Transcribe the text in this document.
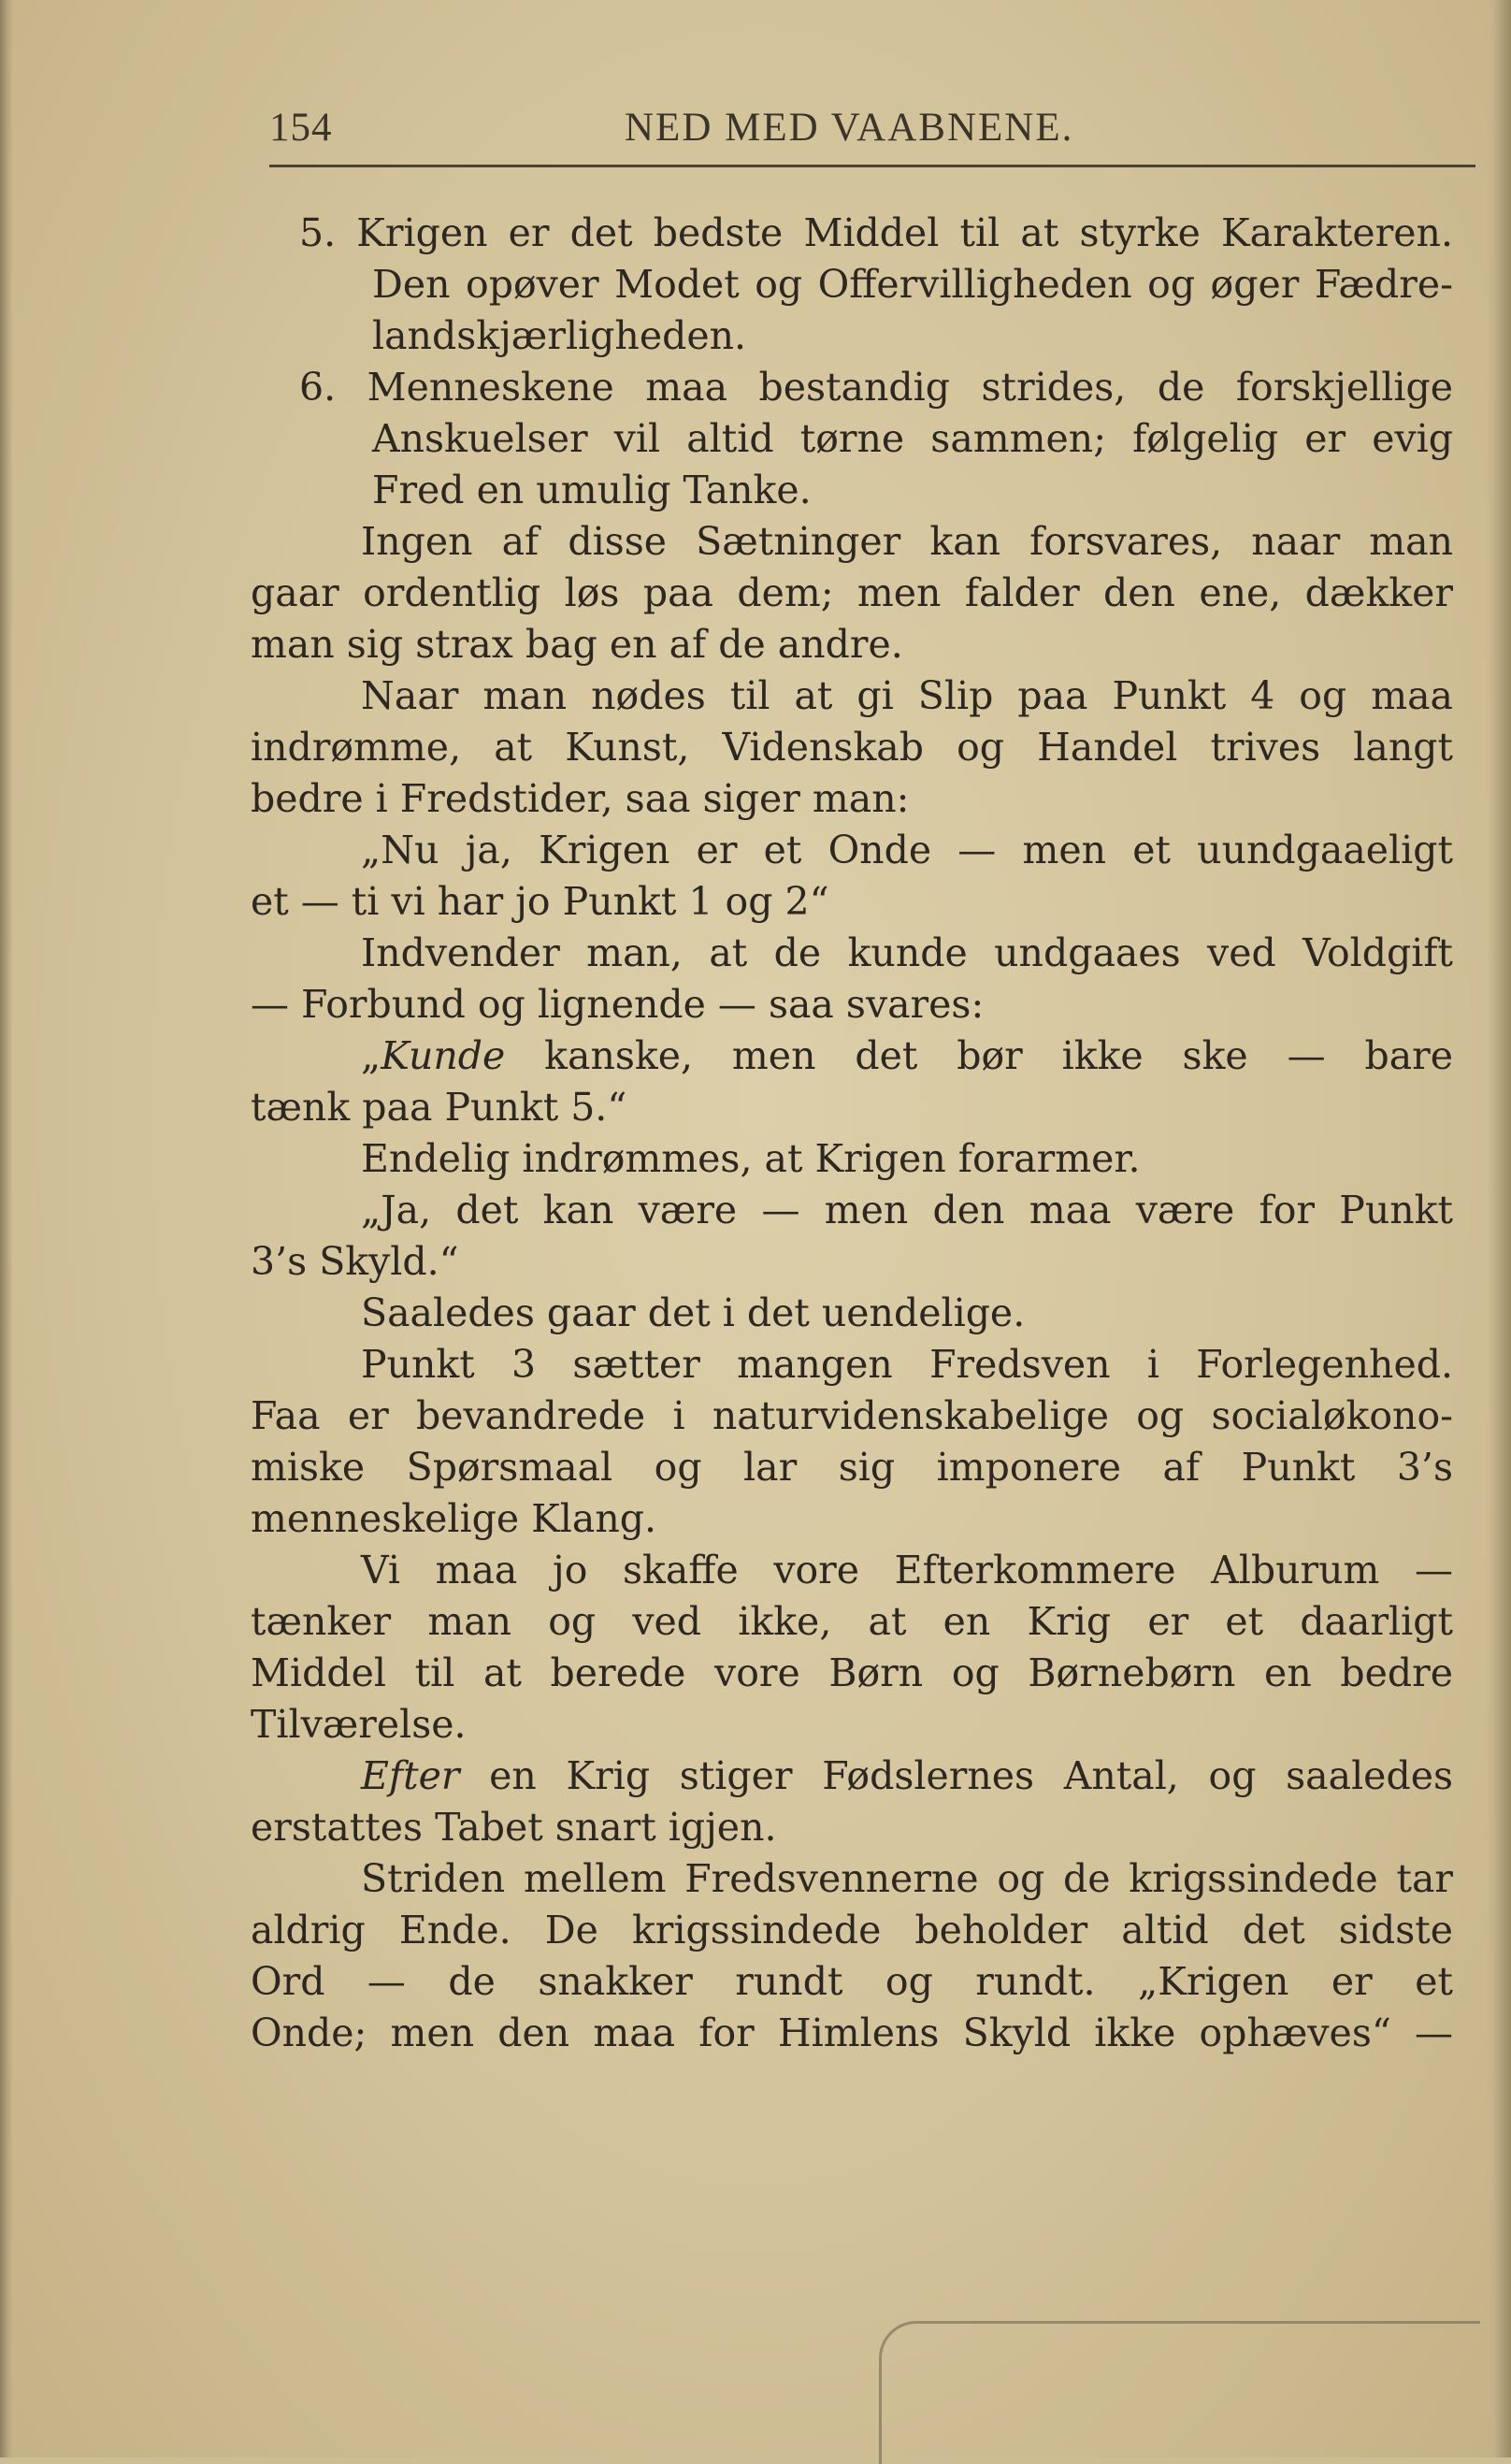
154	NED MED VAABNENE.
5. Krigen er det bedste Middel til at styrke Karakteren.
Den opøver Modet og Offervilligheden og øger Fædre-
landskjærligheden.
6. Menneskene maa bestandig strides, de forskjellige
Anskuelser vil altid tørne sammen; følgelig er evig
Fred en umulig Tanke.
Ingen af disse Sætninger kan forsvares, naar man
gaar ordentlig løs paa dem; men falder den ene, dækker
man sig strax bag en af de andre.
Naar man nødes til at gi Slip paa Punkt 4 og maa
indrømme, at Kunst, Videnskab og Handel trives langt
bedre i Fredstider, saa siger man:
„Nu ja, Krigen er et Onde — men et uundgaaeligt
et — ti vi har jo Punkt 1 og 2“
Indvender man, at de kunde undgaaes ved Voldgift
— Forbund og lignende — saa svares:
„Kunde kanske, men det bør ikke ske — bare
tænk paa Punkt 5.“
Endelig indrømmes, at Krigen forarmer.
„Ja, det kan være — men den maa være for Punkt
3’s Skyld.“
Saaledes gaar det i det uendelige.
Punkt 3 sætter mangen Fredsven i Forlegenhed.
Faa er bevandrede i naturvidenskabelige og socialøkono-
miske Spørsmaal og lar sig imponere af Punkt 3’s
menneskelige Klang.
Vi maa jo skaffe vore Efterkommere Alburum —
tænker man og ved ikke, at en Krig er et daarligt
Middel til at berede vore Børn og Børnebørn en bedre
Tilværelse.
Efter en Krig stiger Fødslernes Antal, og saaledes
erstattes Tabet snart igjen.
Striden mellem Fredsvennerne og de krigssindede tar
aldrig Ende. De krigssindede beholder altid det sidste
Ord — de snakker rundt og rundt. „Krigen er et
Onde; men den maa for Himlens Skyld ikke ophæves“ —
